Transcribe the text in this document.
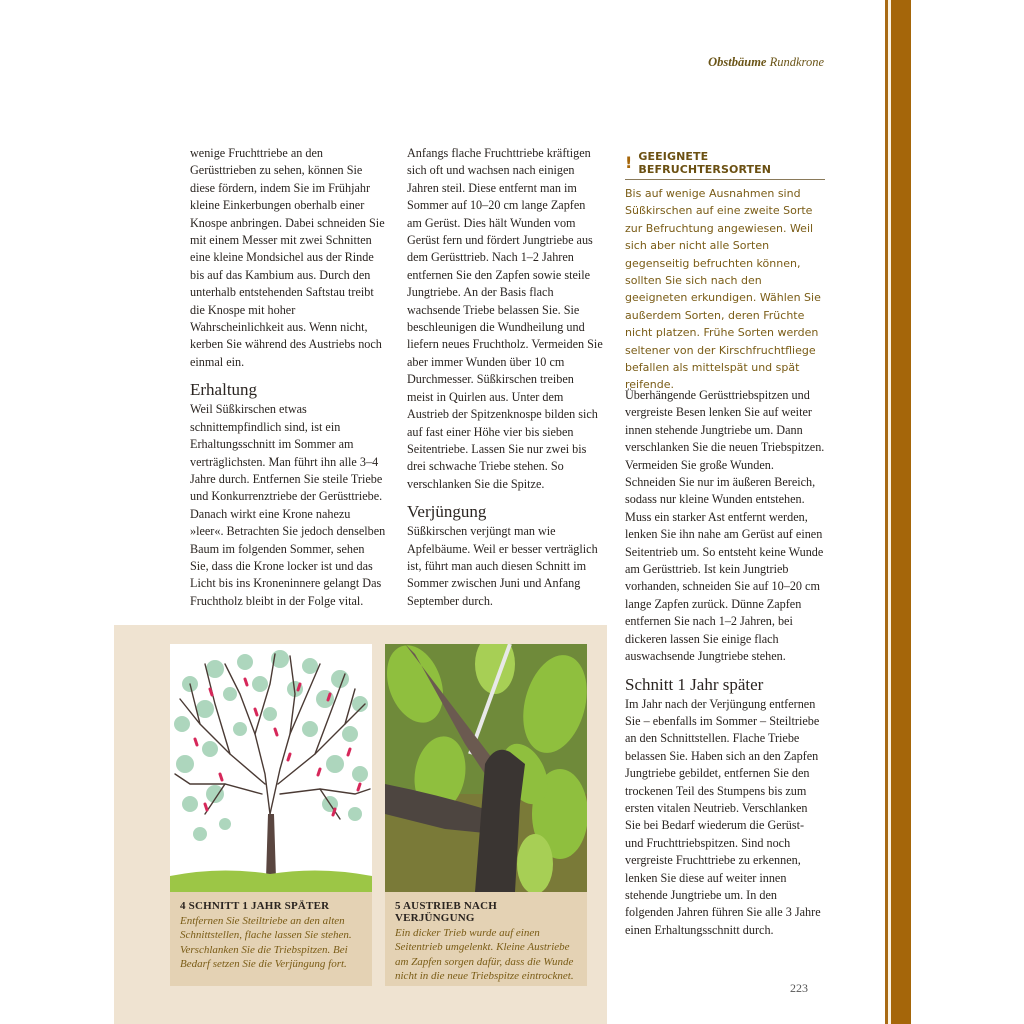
Obstbäume Rundkrone

wenige Fruchttriebe an den Gerüsttrieben zu sehen, können Sie diese fördern, indem Sie im Frühjahr kleine Einkerbungen oberhalb einer Knospe anbringen. Dabei schneiden Sie mit einem Messer mit zwei Schnitten eine kleine Mondsichel aus der Rinde bis auf das Kambium aus. Durch den unterhalb entstehenden Saftstau treibt die Knospe mit hoher Wahrscheinlichkeit aus. Wenn nicht, kerben Sie während des Austriebs noch einmal ein.

Erhaltung

Weil Süßkirschen etwas schnittempfindlich sind, ist ein Erhaltungsschnitt im Sommer am verträglichsten. Man führt ihn alle 3–4 Jahre durch. Entfernen Sie steile Triebe und Konkurrenztriebe der Gerüsttriebe. Danach wirkt eine Krone nahezu »leer«. Betrachten Sie jedoch denselben Baum im folgenden Sommer, sehen Sie, dass die Krone locker ist und das Licht bis ins Kroneninnere gelangt Das Fruchtholz bleibt in der Folge vital.

Anfangs flache Fruchttriebe kräftigen sich oft und wachsen nach einigen Jahren steil. Diese entfernt man im Sommer auf 10–20 cm lange Zapfen am Gerüst. Dies hält Wunden vom Gerüst fern und fördert Jungtriebe aus dem Gerüsttrieb. Nach 1–2 Jahren entfernen Sie den Zapfen sowie steile Jungtriebe. An der Basis flach wachsende Triebe belassen Sie. Sie beschleunigen die Wundheilung und liefern neues Fruchtholz. Vermeiden Sie aber immer Wunden über 10 cm Durchmesser. Süßkirschen treiben meist in Quirlen aus. Unter dem Austrieb der Spitzenknospe bilden sich auf fast einer Höhe vier bis sieben Seitentriebe. Lassen Sie nur zwei bis drei schwache Triebe stehen. So verschlanken Sie die Spitze.

Verjüngung

Süßkirschen verjüngt man wie Apfelbäume. Weil er besser verträglich ist, führt man auch diesen Schnitt im Sommer zwischen Juni und Anfang September durch.

! GEEIGNETE BEFRUCHTERSORTEN
Bis auf wenige Ausnahmen sind Süßkirschen auf eine zweite Sorte zur Befruchtung angewiesen. Weil sich aber nicht alle Sorten gegenseitig befruchten können, sollten Sie sich nach den geeigneten erkundigen. Wählen Sie außerdem Sorten, deren Früchte nicht platzen. Frühe Sorten werden seltener von der Kirschfruchtfliege befallen als mittelspät und spät reifende.

Überhängende Gerüsttriebspitzen und vergreiste Besen lenken Sie auf weiter innen stehende Jungtriebe um. Dann verschlanken Sie die neuen Triebspitzen. Vermeiden Sie große Wunden. Schneiden Sie nur im äußeren Bereich, sodass nur kleine Wunden entstehen. Muss ein starker Ast entfernt werden, lenken Sie ihn nahe am Gerüst auf einen Seitentrieb um. So entsteht keine Wunde am Gerüsttrieb. Ist kein Jungtrieb vorhanden, schneiden Sie auf 10–20 cm lange Zapfen zurück. Dünne Zapfen entfernen Sie nach 1–2 Jahren, bei dickeren lassen Sie einige flach auswachsende Jungtriebe stehen.

Schnitt 1 Jahr später

Im Jahr nach der Verjüngung entfernen Sie – ebenfalls im Sommer – Steiltriebe an den Schnittstellen. Flache Triebe belassen Sie. Haben sich an den Zapfen Jungtriebe gebildet, entfernen Sie den trockenen Teil des Stumpens bis zum ersten vitalen Neutrieb. Verschlanken Sie bei Bedarf wiederum die Gerüst- und Fruchttriebspitzen. Sind noch vergreiste Fruchttriebe zu erkennen, lenken Sie diese auf weiter innen stehende Jungtriebe um. In den folgenden Jahren führen Sie alle 3 Jahre einen Erhaltungsschnitt durch.

4 SCHNITT 1 JAHR SPÄTER
Entfernen Sie Steiltriebe an den alten Schnittstellen, flache lassen Sie stehen. Verschlanken Sie die Triebspitzen. Bei Bedarf setzen Sie die Verjüngung fort.
5 AUSTRIEB NACH VERJÜNGUNG
Ein dicker Trieb wurde auf einen Seitentrieb umgelenkt. Kleine Austriebe am Zapfen sorgen dafür, dass die Wunde nicht in die neue Triebspitze eintrocknet.
223
